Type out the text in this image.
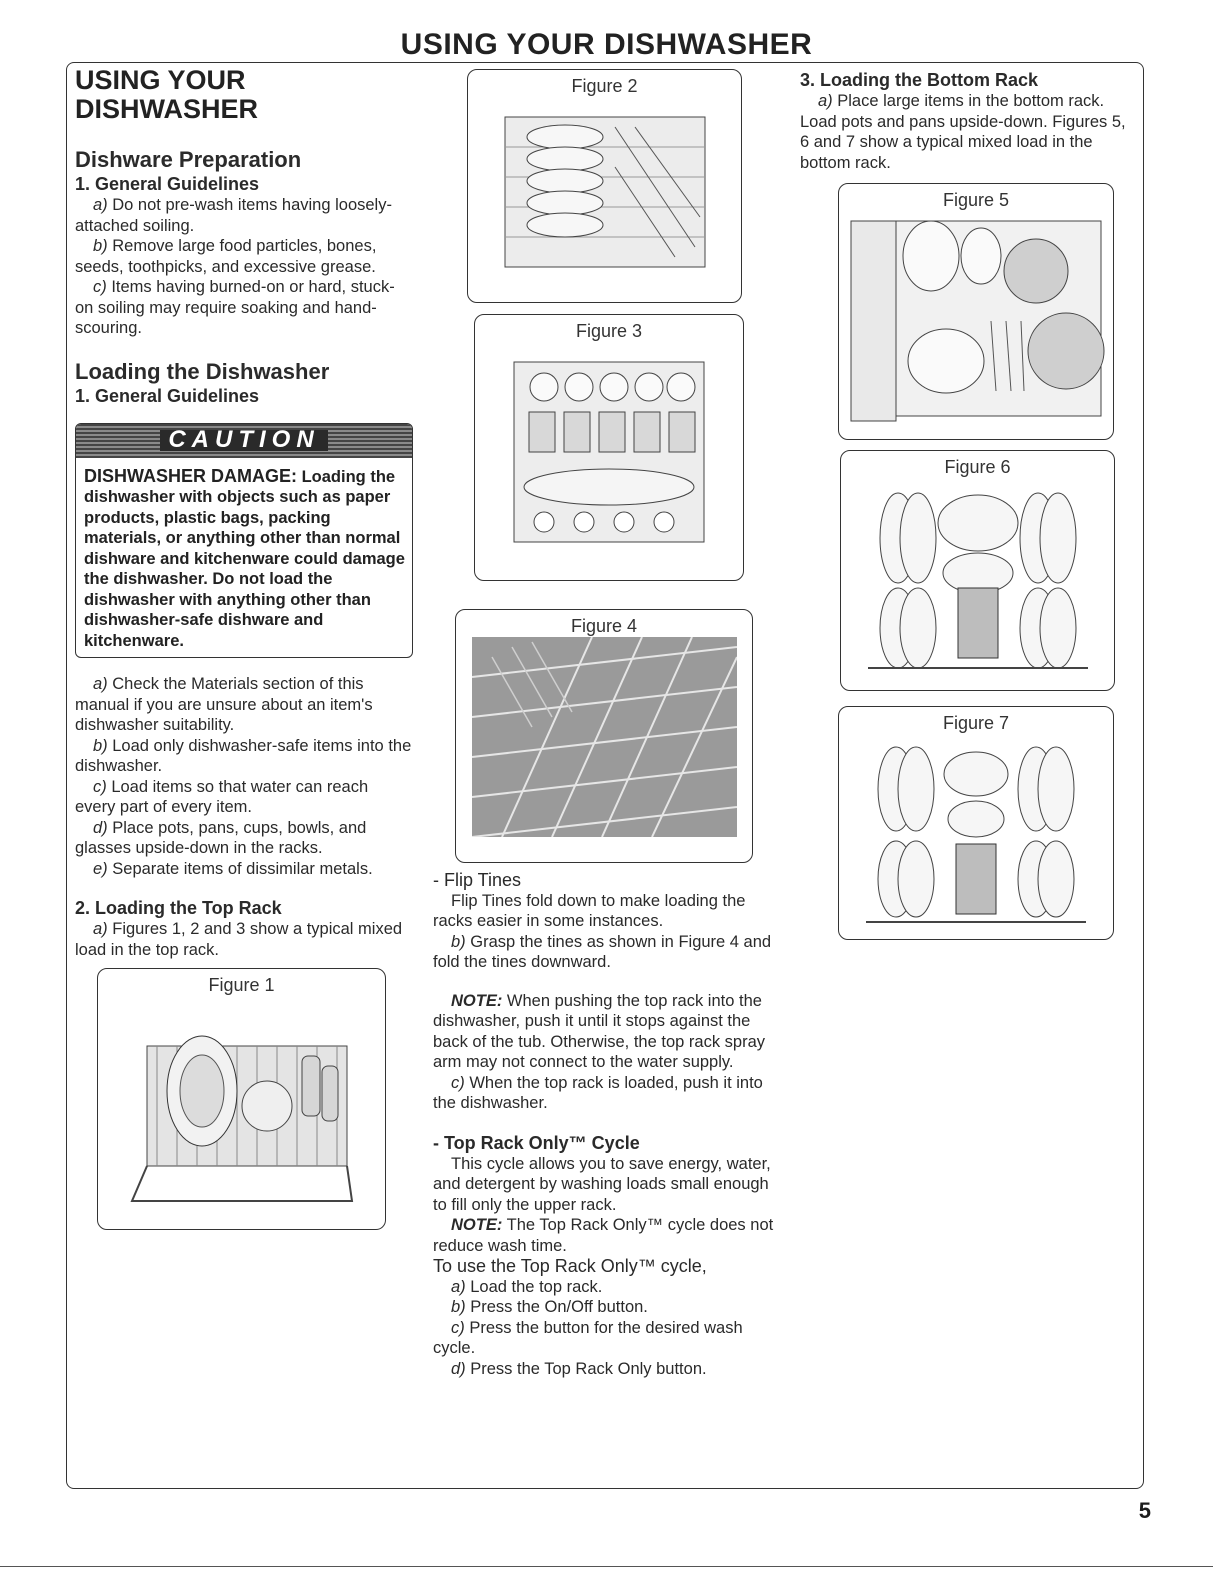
USING YOUR DISHWASHER
USING YOUR
DISHWASHER
Dishware Preparation
1. General Guidelines

a) Do not pre-wash items having loosely-attached soiling.

b) Remove large food particles, bones, seeds, toothpicks, and excessive grease.

c) Items having burned-on or hard, stuck-on soiling may require soaking and hand-scouring.

Loading the Dishwasher
1. General Guidelines
CAUTION
DISHWASHER DAMAGE: Loading the dishwasher with objects such as paper products, plastic bags, packing materials, or anything other than normal dishware and kitchenware could damage the dishwasher. Do not load the dishwasher with anything other than dishwasher-safe dishware and kitchenware.

a) Check the Materials section of this manual if you are unsure about an item's dishwasher suitability.

b) Load only dishwasher-safe items into the dishwasher.

c) Load items so that water can reach every part of every item.

d) Place pots, pans, cups, bowls, and glasses upside-down in the racks.

e) Separate items of dissimilar metals.

2. Loading the Top Rack

a) Figures 1, 2 and 3 show a typical mixed load in the top rack.

Figure 1
Figure 2
Figure 3
Figure 4
- Flip Tines

Flip Tines fold down to make loading the racks easier in some instances.

b) Grasp the tines as shown in Figure 4 and fold the tines downward.

NOTE: When pushing the top rack into the dishwasher, push it until it stops against the back of the tub. Otherwise, the top rack spray arm may not connect to the water supply.

c) When the top rack is loaded, push it into the dishwasher.

- Top Rack Only™ Cycle

This cycle allows you to save energy, water, and detergent by washing loads small enough to fill only the upper rack.

NOTE: The Top Rack Only™ cycle does not reduce wash time.

To use the Top Rack Only™ cycle,

a) Load the top rack.

b) Press the On/Off button.

c) Press the button for the desired wash cycle.

d) Press the Top Rack Only button.

3. Loading the Bottom Rack

a) Place large items in the bottom rack. Load pots and pans upside-down. Figures 5, 6 and 7 show a typical mixed load in the bottom rack.

Figure 5
Figure 6
Figure 7
5
